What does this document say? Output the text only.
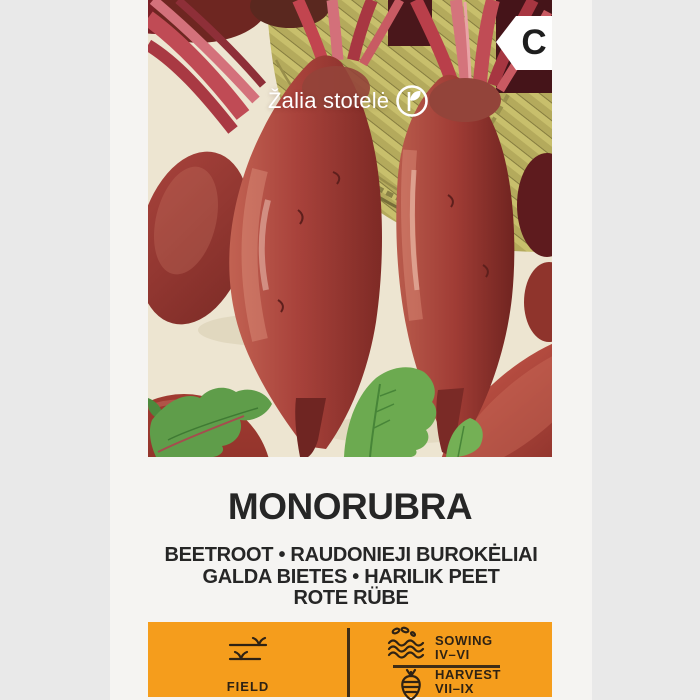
Žalia stotelė
C
MONORUBRA
BEETROOT • RAUDONIEJI BUROKĖLIAI
GALDA BIETES • HARILIK PEET
ROTE RÜBE
FIELD
SOWING
IV–VI
HARVEST
VII–IX
